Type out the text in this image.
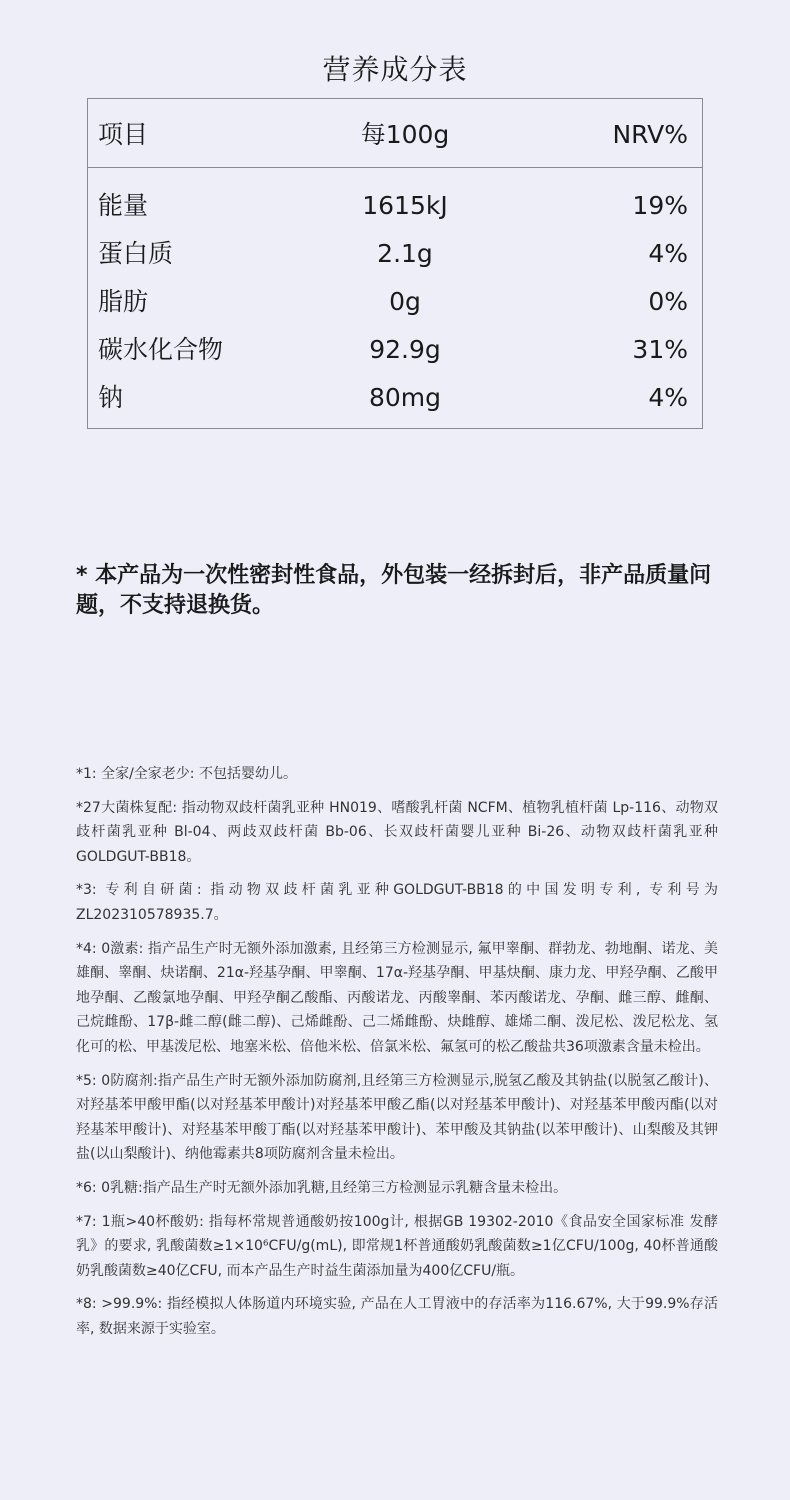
营养成分表
项目	每100g	NRV%
能量	1615kJ	19%
蛋白质	2.1g	4%
脂肪	0g	0%
碳水化合物	92.9g	31%
钠	80mg	4%
* 本产品为一次性密封性食品，外包装一经拆封后，非产品质量问题，不支持退换货。

*1: 全家/全家老少: 不包括婴幼儿。

*27大菌株复配: 指动物双歧杆菌乳亚种 HN019、嗜酸乳杆菌 NCFM、植物乳植杆菌 Lp-116、动物双歧杆菌乳亚种 Bl-04、两歧双歧杆菌 Bb-06、长双歧杆菌婴儿亚种 Bi-26、动物双歧杆菌乳亚种GOLDGUT-BB18。

*3: 专利自研菌: 指动物双歧杆菌乳亚种GOLDGUT-BB18的中国发明专利, 专利号为ZL202310578935.7。

*4: 0激素: 指产品生产时无额外添加激素, 且经第三方检测显示, 氟甲睾酮、群勃龙、勃地酮、诺龙、美雄酮、睾酮、炔诺酮、21α-羟基孕酮、甲睾酮、17α-羟基孕酮、甲基炔酮、康力龙、甲羟孕酮、乙酸甲地孕酮、乙酸氯地孕酮、甲羟孕酮乙酸酯、丙酸诺龙、丙酸睾酮、苯丙酸诺龙、孕酮、雌三醇、雌酮、己烷雌酚、17β-雌二醇(雌二醇)、己烯雌酚、己二烯雌酚、炔雌醇、雄烯二酮、泼尼松、泼尼松龙、氢化可的松、甲基泼尼松、地塞米松、倍他米松、倍氯米松、氟氢可的松乙酸盐共36项激素含量未检出。

*5: 0防腐剂:指产品生产时无额外添加防腐剂,且经第三方检测显示,脱氢乙酸及其钠盐(以脱氢乙酸计)、对羟基苯甲酸甲酯(以对羟基苯甲酸计)对羟基苯甲酸乙酯(以对羟基苯甲酸计)、对羟基苯甲酸丙酯(以对羟基苯甲酸计)、对羟基苯甲酸丁酯(以对羟基苯甲酸计)、苯甲酸及其钠盐(以苯甲酸计)、山梨酸及其钾盐(以山梨酸计)、纳他霉素共8项防腐剂含量未检出。

*6: 0乳糖:指产品生产时无额外添加乳糖,且经第三方检测显示乳糖含量未检出。

*7: 1瓶>40杯酸奶: 指每杯常规普通酸奶按100g计, 根据GB 19302-2010《食品安全国家标准 发酵乳》的要求, 乳酸菌数≥1×10⁶CFU/g(mL), 即常规1杯普通酸奶乳酸菌数≥1亿CFU/100g, 40杯普通酸奶乳酸菌数≥40亿CFU, 而本产品生产时益生菌添加量为400亿CFU/瓶。

*8: >99.9%: 指经模拟人体肠道内环境实验, 产品在人工胃液中的存活率为116.67%, 大于99.9%存活率, 数据来源于实验室。
